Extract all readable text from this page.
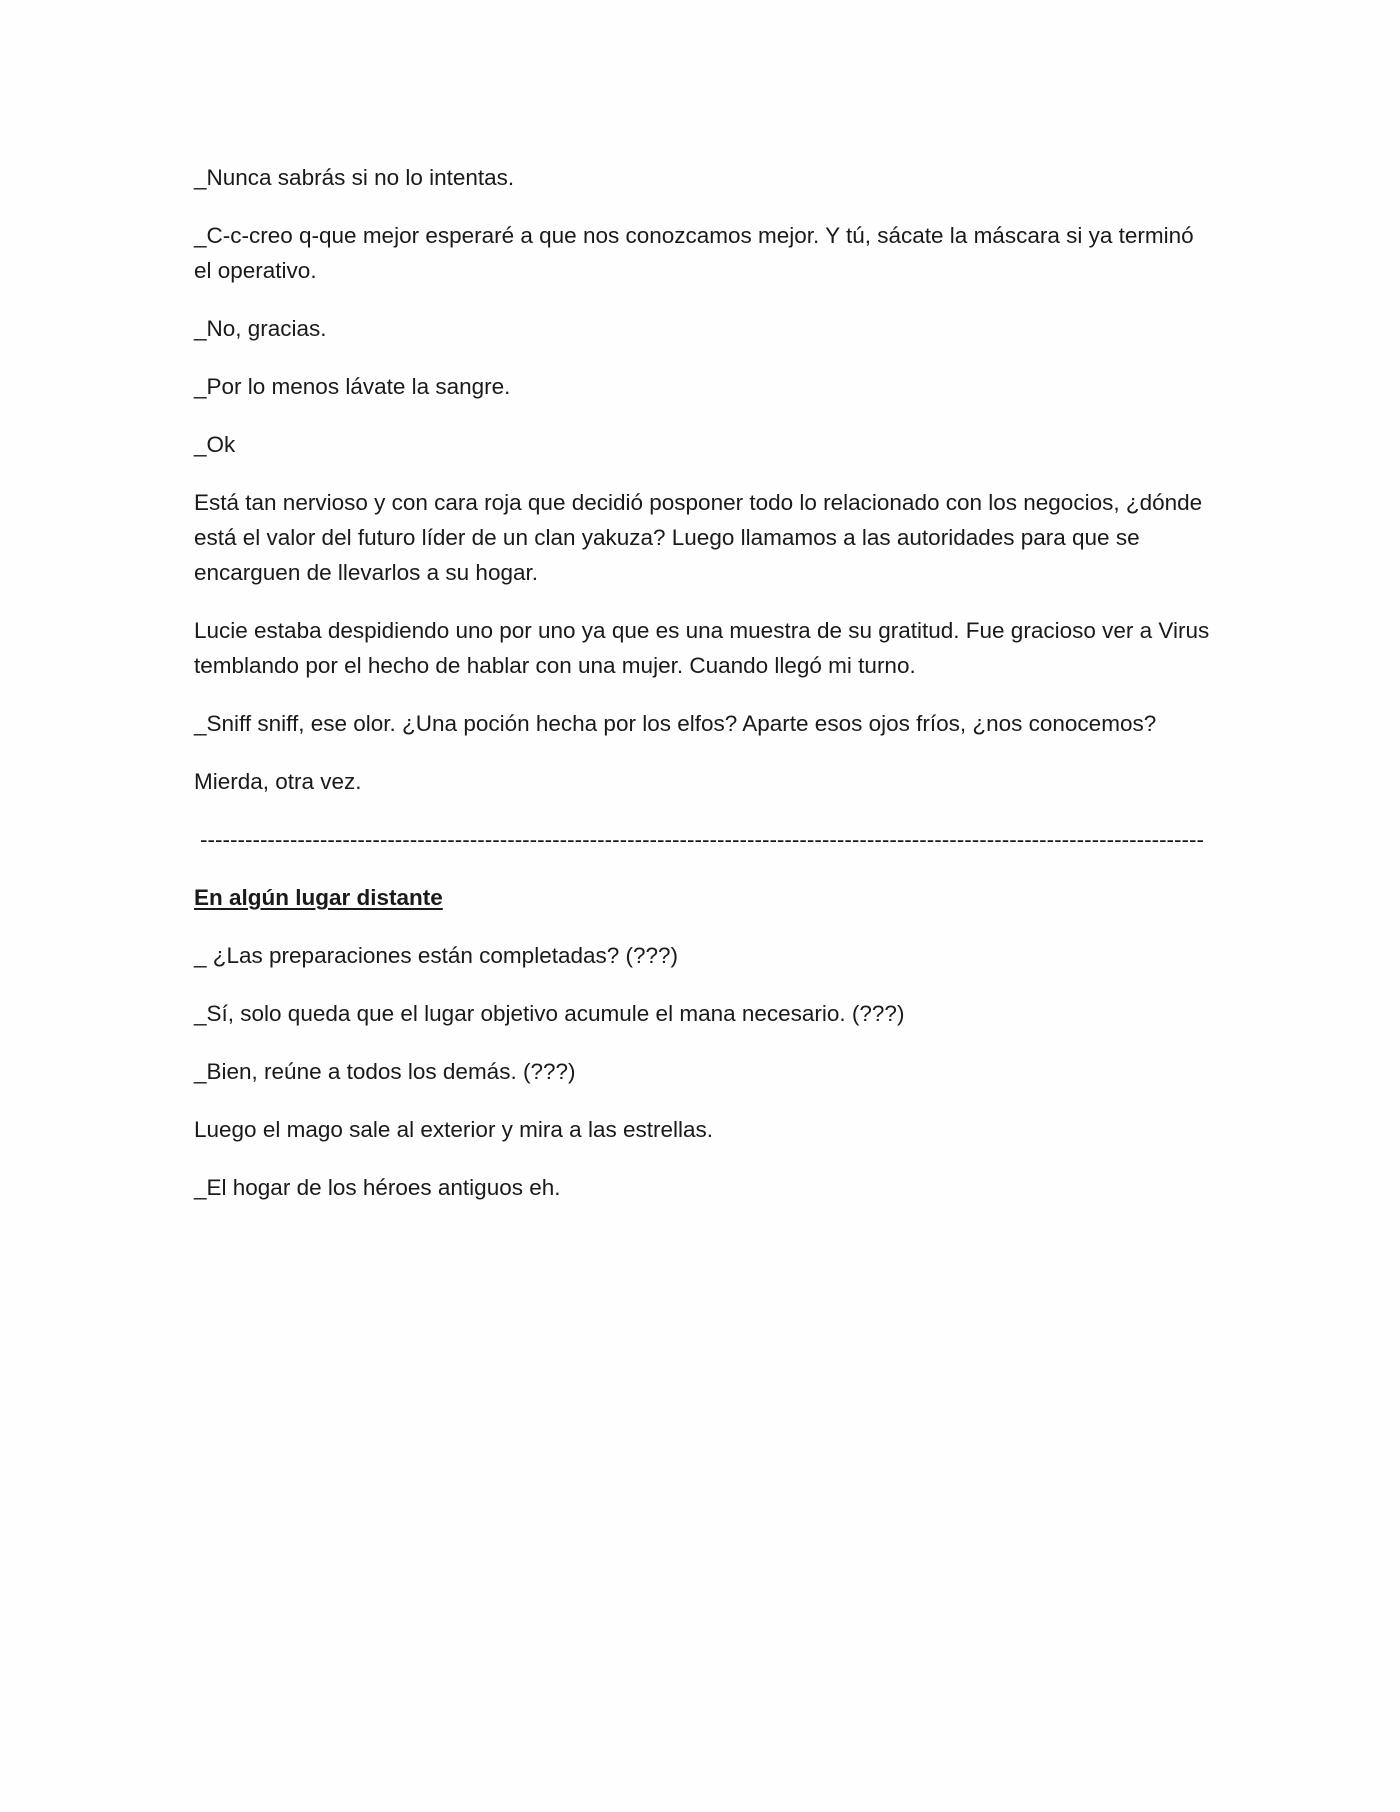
_Nunca sabrás si no lo intentas.

_C-c-creo q-que mejor esperaré a que nos conozcamos mejor. Y tú, sácate la máscara si ya terminó el operativo.

_No, gracias.

_Por lo menos lávate la sangre.

_Ok

Está tan nervioso y con cara roja que decidió posponer todo lo relacionado con los negocios, ¿dónde está el valor del futuro líder de un clan yakuza? Luego llamamos a las autoridades para que se encarguen de llevarlos a su hogar.

Lucie estaba despidiendo uno por uno ya que es una muestra de su gratitud. Fue gracioso ver a Virus temblando por el hecho de hablar con una mujer. Cuando llegó mi turno.

_Sniff sniff, ese olor. ¿Una poción hecha por los elfos? Aparte esos ojos fríos, ¿nos conocemos?

Mierda, otra vez.

--------------------------------------------------------------------------------------------------------------------------------------

En algún lugar distante

_ ¿Las preparaciones están completadas? (???)

_Sí, solo queda que el lugar objetivo acumule el mana necesario. (???)

_Bien, reúne a todos los demás. (???)

Luego el mago sale al exterior y mira a las estrellas.

_El hogar de los héroes antiguos eh.
